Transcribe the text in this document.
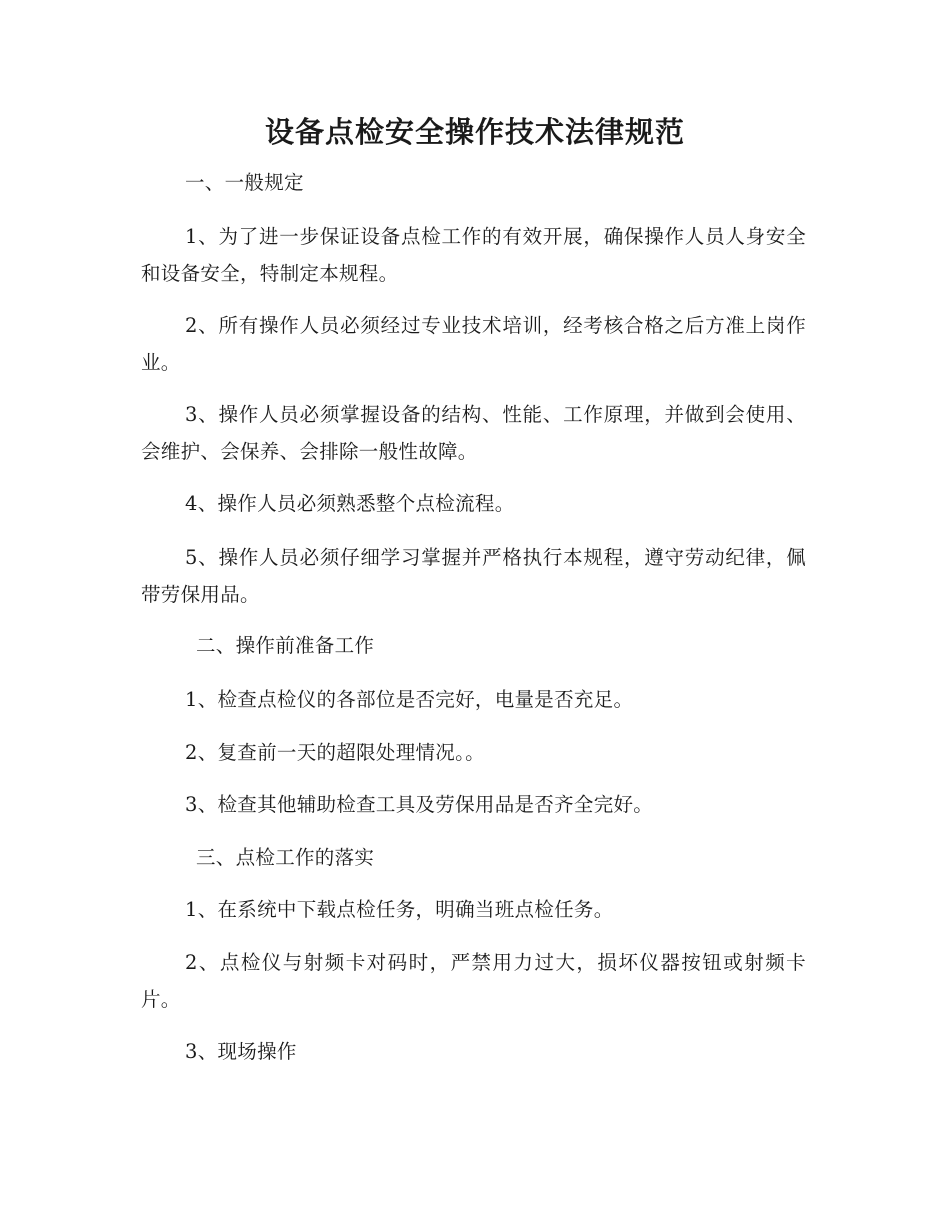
设备点检安全操作技术法律规范

一、一般规定

1、为了进一步保证设备点检工作的有效开展，确保操作人员人身安全和设备安全，特制定本规程。

2、所有操作人员必须经过专业技术培训，经考核合格之后方准上岗作业。

3、操作人员必须掌握设备的结构、性能、工作原理，并做到会使用、会维护、会保养、会排除一般性故障。

4、操作人员必须熟悉整个点检流程。

5、操作人员必须仔细学习掌握并严格执行本规程，遵守劳动纪律，佩带劳保用品。

二、操作前准备工作

1、检查点检仪的各部位是否完好，电量是否充足。

2、复查前一天的超限处理情况。。

3、检查其他辅助检查工具及劳保用品是否齐全完好。

三、点检工作的落实

1、在系统中下载点检任务，明确当班点检任务。

2、点检仪与射频卡对码时，严禁用力过大，损坏仪器按钮或射频卡片。

3、现场操作
